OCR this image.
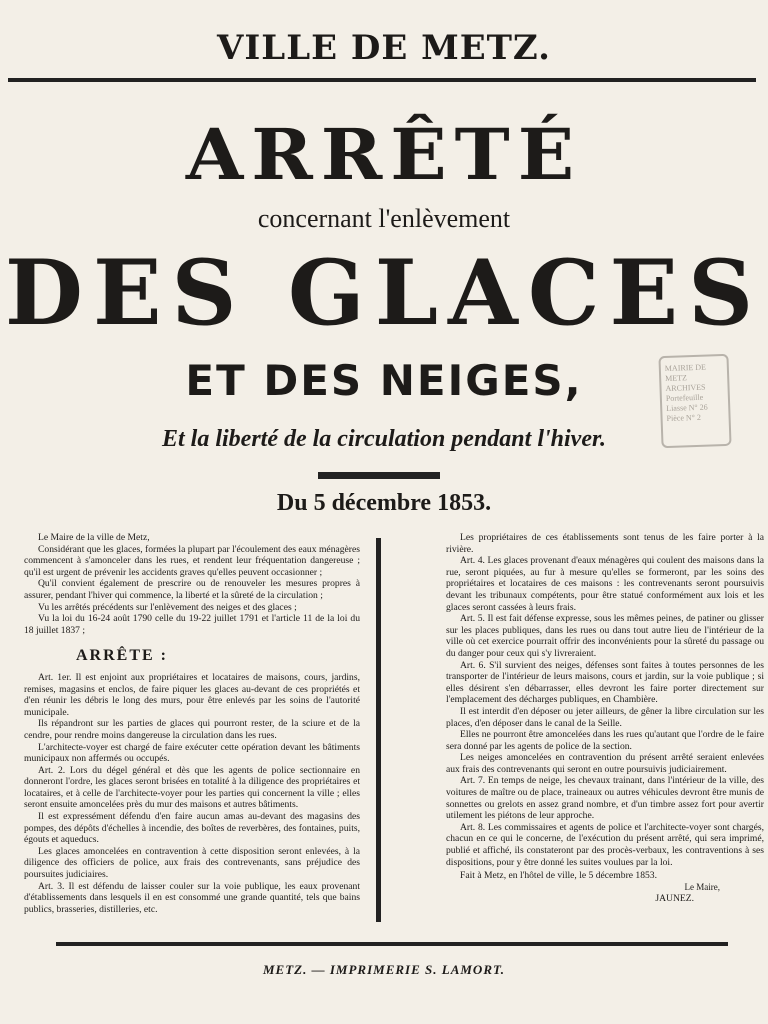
VILLE DE METZ.
ARRÊTÉ
concernant l'enlèvement
DES GLACES
ET DES NEIGES,
Et la liberté de la circulation pendant l'hiver.
Du 5 décembre 1853.
MAIRIE DE METZ
ARCHIVES
Portefeuille
Liasse N° 26
Pièce N° 2

Le Maire de la ville de Metz,

Considérant que les glaces, formées la plupart par l'écoulement des eaux ménagères commencent à s'amonceler dans les rues, et rendent leur fréquentation dangereuse ; qu'il est urgent de prévenir les accidents graves qu'elles peuvent occasionner ;

Qu'il convient également de prescrire ou de renouveler les mesures propres à assurer, pendant l'hiver qui commence, la liberté et la sûreté de la circulation ;

Vu les arrêtés précédents sur l'enlèvement des neiges et des glaces ;

Vu la loi du 16-24 août 1790 celle du 19-22 juillet 1791 et l'article 11 de la loi du 18 juillet 1837 ;

ARRÊTE :

Art. 1er. Il est enjoint aux propriétaires et locataires de maisons, cours, jardins, remises, magasins et enclos, de faire piquer les glaces au-devant de ces propriétés et d'en réunir les débris le long des murs, pour être enlevés par les soins de l'autorité municipale.

Ils répandront sur les parties de glaces qui pourront rester, de la sciure et de la cendre, pour rendre moins dangereuse la circulation dans les rues.

L'architecte-voyer est chargé de faire exécuter cette opération devant les bâtiments municipaux non affermés ou occupés.

Art. 2. Lors du dégel général et dès que les agents de police sectionnaire en donneront l'ordre, les glaces seront brisées en totalité à la diligence des propriétaires et locataires, et à celle de l'architecte-voyer pour les parties qui concernent la ville ; elles seront ensuite amoncelées près du mur des maisons et autres bâtiments.

Il est expressément défendu d'en faire aucun amas au-devant des magasins des pompes, des dépôts d'échelles à incendie, des boîtes de reverbères, des fontaines, puits, égouts et aqueducs.

Les glaces amoncelées en contravention à cette disposition seront enlevées, à la diligence des officiers de police, aux frais des contrevenants, sans préjudice des poursuites judiciaires.

Art. 3. Il est défendu de laisser couler sur la voie publique, les eaux provenant d'établissements dans lesquels il en est consommé une grande quantité, tels que bains publics, brasseries, distilleries, etc.

Les propriétaires de ces établissements sont tenus de les faire porter à la rivière.

Art. 4. Les glaces provenant d'eaux ménagères qui coulent des maisons dans la rue, seront piquées, au fur à mesure qu'elles se formeront, par les soins des propriétaires et locataires de ces maisons : les contrevenants seront poursuivis devant les tribunaux compétents, pour être statué conformément aux lois et les glaces seront cassées à leurs frais.

Art. 5. Il est fait défense expresse, sous les mêmes peines, de patiner ou glisser sur les places publiques, dans les rues ou dans tout autre lieu de l'intérieur de la ville où cet exercice pourrait offrir des inconvénients pour la sûreté du passage ou du danger pour ceux qui s'y livreraient.

Art. 6. S'il survient des neiges, défenses sont faites à toutes personnes de les transporter de l'intérieur de leurs maisons, cours et jardin, sur la voie publique ; si elles désirent s'en débarrasser, elles devront les faire porter directement sur l'emplacement des décharges publiques, en Chambière.

Il est interdit d'en déposer ou jeter ailleurs, de gêner la libre circulation sur les places, d'en déposer dans le canal de la Seille.

Elles ne pourront être amoncelées dans les rues qu'autant que l'ordre de le faire sera donné par les agents de police de la section.

Les neiges amoncelées en contravention du présent arrêté seraient enlevées aux frais des contrevenants qui seront en outre poursuivis judiciairement.

Art. 7. En temps de neige, les chevaux trainant, dans l'intérieur de la ville, des voitures de maître ou de place, traineaux ou autres véhicules devront être munis de sonnettes ou grelots en assez grand nombre, et d'un timbre assez fort pour avertir utilement les piétons de leur approche.

Art. 8. Les commissaires et agents de police et l'architecte-voyer sont chargés, chacun en ce qui le concerne, de l'exécution du présent arrêté, qui sera imprimé, publié et affiché, ils constateront par des procès-verbaux, les contraventions à ses dispositions, pour y être donné les suites voulues par la loi.

Fait à Metz, en l'hôtel de ville, le 5 décembre 1853.

Le Maire,

JAUNEZ.

METZ. — IMPRIMERIE S. LAMORT.
